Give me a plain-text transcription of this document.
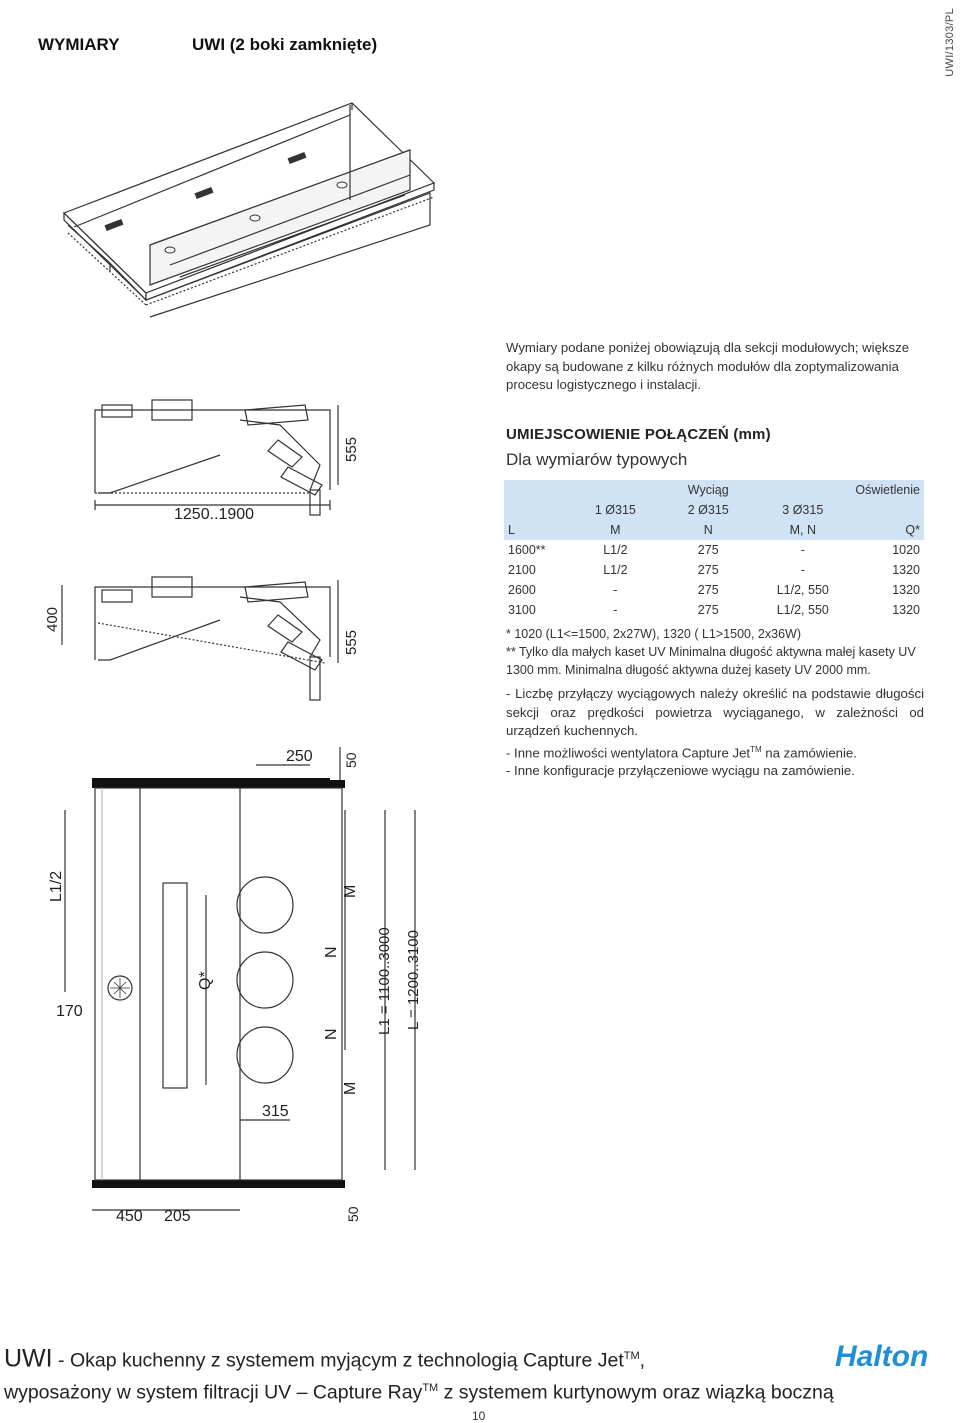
WYMIARY	UWI (2 boki zamknięte)	UWI/1303/PL
Wymiary podane poniżej obowiązują dla sekcji modułowych; większe okapy są budowane z kilku różnych modułów dla zoptymalizowania procesu logistycznego i instalacji.
555
1250..1900
400
555
250 50
UMIEJSCOWIENIE POŁĄCZEŃ (mm)
Dla wymiarów typowych
		Wyciąg		Oświetlenie
	1 Ø315	2 Ø315	3 Ø315	
L	M	N	M, N	Q*
1600**	L1/2	275	-	1020
2100	L1/2	275	-	1320
2600	-	275	L1/2, 550	1320
3100	-	275	L1/2, 550	1320
* 1020 (L1<=1500, 2x27W), 1320 ( L1>1500, 2x36W)
** Tylko dla małych kaset UV Minimalna długość aktywna małej kasety UV 1300 mm. Minimalna długość aktywna dużej kasety UV 2000 mm.

- Liczbę przyłączy wyciągowych należy określić na podstawie długości sekcji oraz prędkości powietrza wyciąganego, w zależności od urządzeń kuchennych.

- Inne możliwości wentylatora Capture Jet™ na zamówienie.

- Inne konfiguracje przyłączeniowe wyciągu na zamówienie.

L1/2	M
N L1 = 1100..3000 L = 1200..3100
170
Q*
N
M
315
450 205	50
UWI - Okap kuchenny z systemem myjącym z technologią Capture Jet™,
wyposażony w system filtracji UV – Capture Ray™ z systemem kurtynowym oraz wiązką boczną
Halton
10
